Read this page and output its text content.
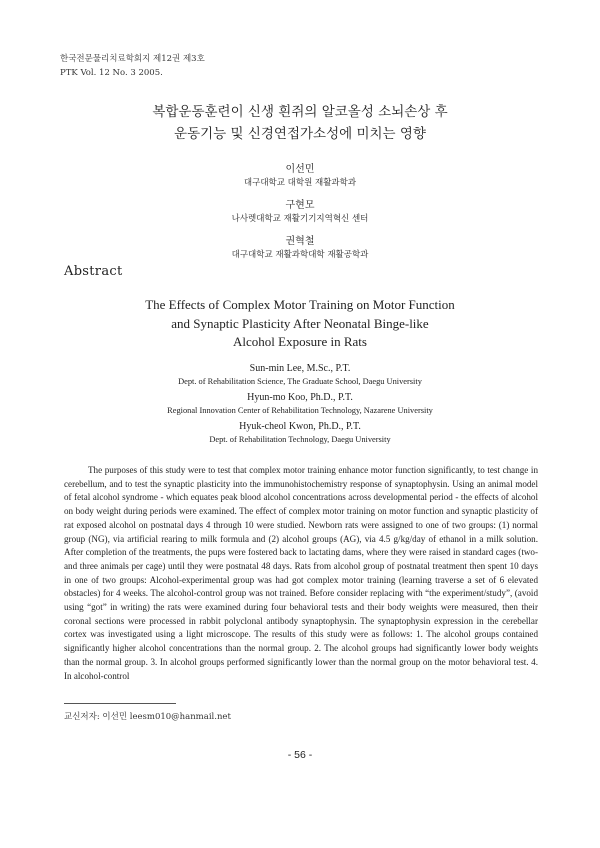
한국전문물리치료학회지 제12권 제3호
PTK Vol. 12 No. 3 2005.
복합운동훈련이 신생 흰쥐의 알코올성 소뇌손상 후
운동기능 및 신경연접가소성에 미치는 영향
이선민
대구대학교 대학원 재활과학과
구현모
나사렛대학교 재활기기지역혁신 센터
권혁철
대구대학교 재활과학대학 재활공학과
Abstract
The Effects of Complex Motor Training on Motor Function
and Synaptic Plasticity After Neonatal Binge-like
Alcohol Exposure in Rats
Sun-min Lee, M.Sc., P.T.
Dept. of Rehabilitation Science, The Graduate School, Daegu University
Hyun-mo Koo, Ph.D., P.T.
Regional Innovation Center of Rehabilitation Technology, Nazarene University
Hyuk-cheol Kwon, Ph.D., P.T.
Dept. of Rehabilitation Technology, Daegu University

The purposes of this study were to test that complex motor training enhance motor function significantly, to test change in cerebellum, and to test the synaptic plasticity into the immunohistochemistry response of synaptophysin. Using an animal model of fetal alcohol syndrome - which equates peak blood alcohol concentrations across developmental period - the effects of alcohol on body weight during periods were examined. The effect of complex motor training on motor function and synaptic plasticity of rat exposed alcohol on postnatal days 4 through 10 were studied. Newborn rats were assigned to one of two groups: (1) normal group (NG), via artificial rearing to milk formula and (2) alcohol groups (AG), via 4.5 g/kg/day of ethanol in a milk solution. After completion of the treatments, the pups were fostered back to lactating dams, where they were raised in standard cages (two-and three animals per cage) until they were postnatal 48 days. Rats from alcohol group of postnatal treatment then spent 10 days in one of two groups: Alcohol-experimental group was had got complex motor training (learning traverse a set of 6 elevated obstacles) for 4 weeks. The alcohol-control group was not trained. Before consider replacing with “the experiment/study”, (avoid using “got” in writing) the rats were examined during four behavioral tests and their body weights were measured, then their coronal sections were processed in rabbit polyclonal antibody synaptophysin. The synaptophysin expression in the cerebellar cortex was investigated using a light microscope. The results of this study were as follows: 1. The alcohol groups contained significantly higher alcohol concentrations than the normal group. 2. The alcohol groups had significantly lower body weights than the normal group. 3. In alcohol groups performed significantly lower than the normal group on the motor behavioral test. 4. In alcohol-control

교신저자: 이선민 leesm010@hanmail.net
- 56 -
